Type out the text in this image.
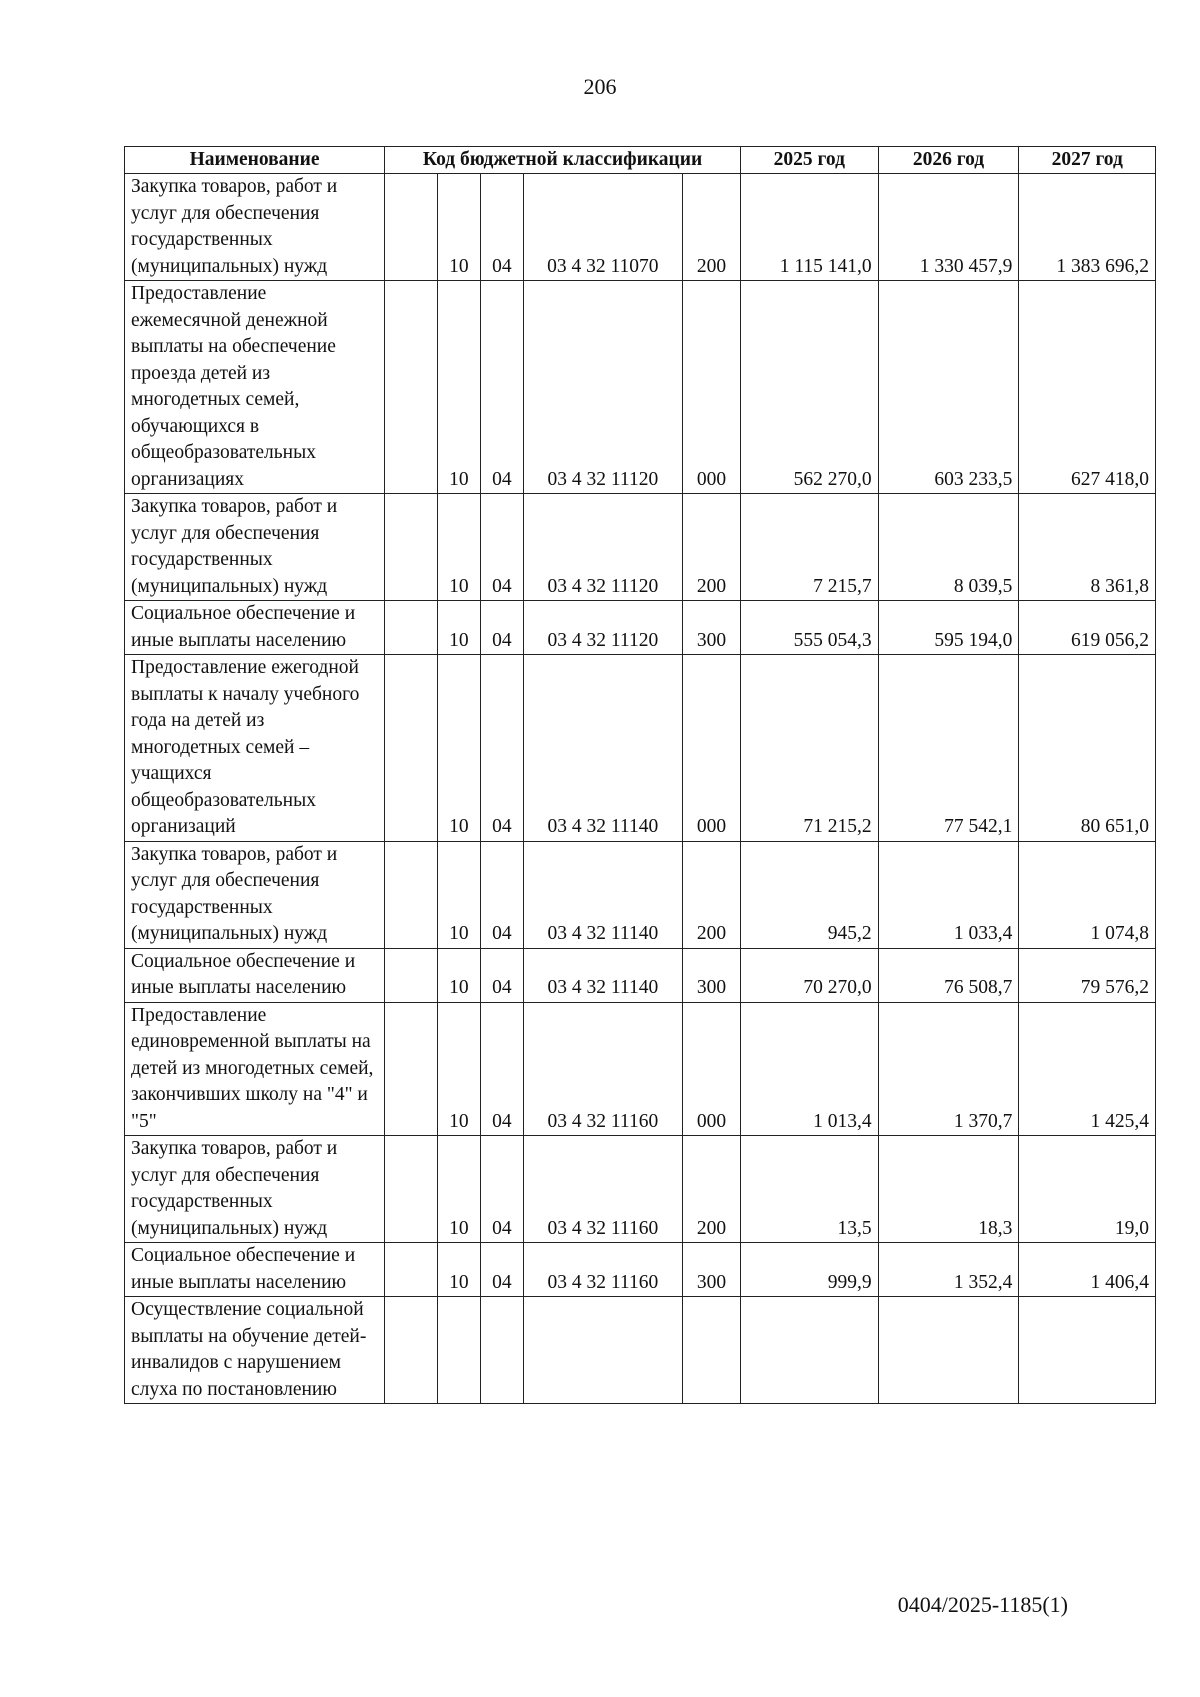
206
Наименование	Код бюджетной классификации					2025 год	2026 год	2027 год
Закупка товаров, работ и услуг для обеспечения государственных (муниципальных) нужд		10	04	03 4 32 11070	200	1 115 141,0	1 330 457,9	1 383 696,2
Предоставление ежемесячной денежной выплаты на обеспечение проезда детей из многодетных семей, обучающихся в общеобразовательных организациях		10	04	03 4 32 11120	000	562 270,0	603 233,5	627 418,0
Закупка товаров, работ и услуг для обеспечения государственных (муниципальных) нужд		10	04	03 4 32 11120	200	7 215,7	8 039,5	8 361,8
Социальное обеспечение и иные выплаты населению		10	04	03 4 32 11120	300	555 054,3	595 194,0	619 056,2
Предоставление ежегодной выплаты к началу учебного года на детей из многодетных семей – учащихся общеобразовательных организаций		10	04	03 4 32 11140	000	71 215,2	77 542,1	80 651,0
Закупка товаров, работ и услуг для обеспечения государственных (муниципальных) нужд		10	04	03 4 32 11140	200	945,2	1 033,4	1 074,8
Социальное обеспечение и иные выплаты населению		10	04	03 4 32 11140	300	70 270,0	76 508,7	79 576,2
Предоставление единовременной выплаты на детей из многодетных семей, закончивших школу на "4" и "5"		10	04	03 4 32 11160	000	1 013,4	1 370,7	1 425,4
Закупка товаров, работ и услуг для обеспечения государственных (муниципальных) нужд		10	04	03 4 32 11160	200	13,5	18,3	19,0
Социальное обеспечение и иные выплаты населению		10	04	03 4 32 11160	300	999,9	1 352,4	1 406,4
Осуществление социальной выплаты на обучение детей-инвалидов с нарушением слуха по постановлению								
0404/2025-1185(1)
